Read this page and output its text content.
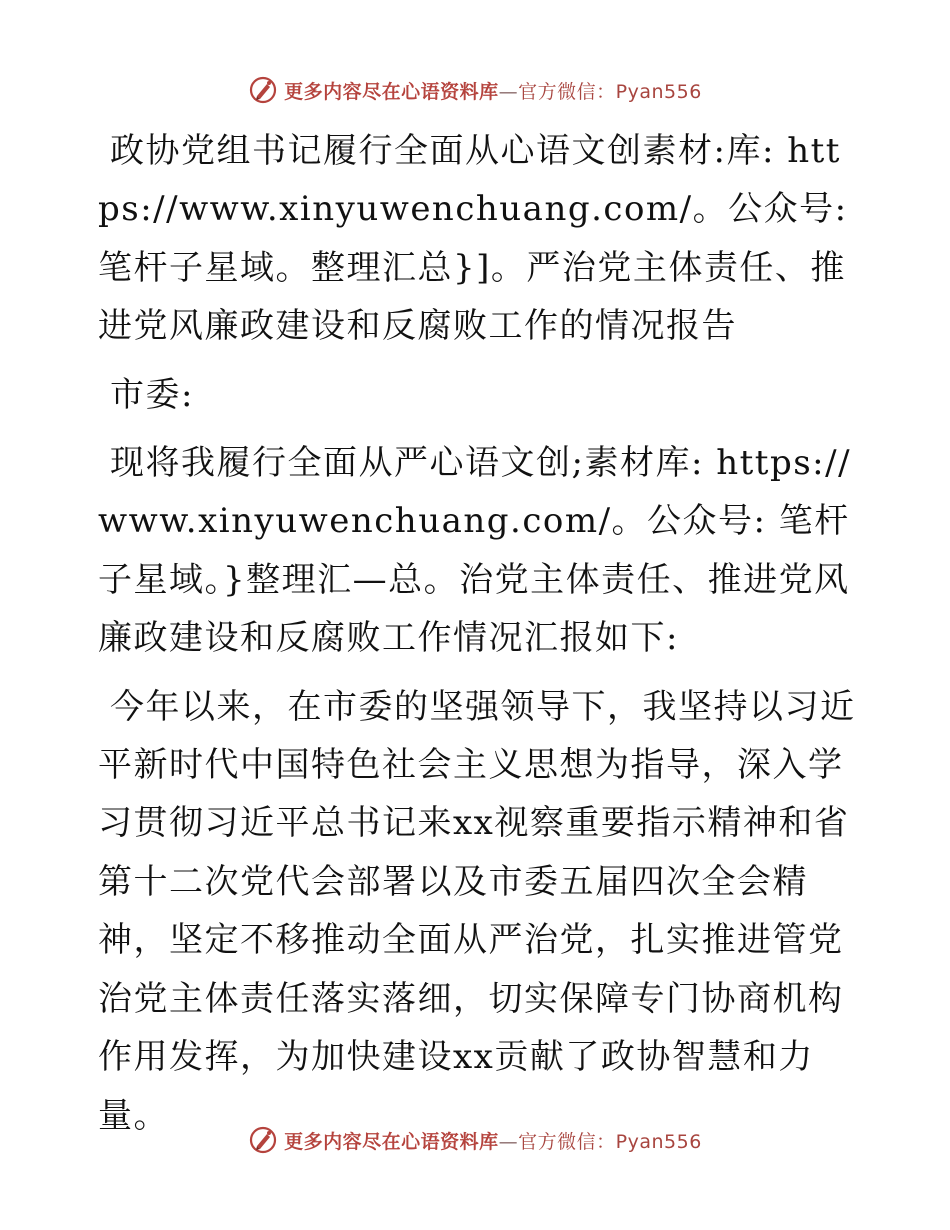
更多内容尽在心语资料库—官方微信：Pyan556

政协党组书记履行全面从心语文创素材:库: https://www.xinyuwenchuang.com/。公众号: 笔杆子星域。整理汇总}]。严治党主体责任、推进党风廉政建设和反腐败工作的情况报告

市委:

现将我履行全面从严心语文创;素材库: https://www.xinyuwenchuang.com/。公众号: 笔杆子星域。}整理汇—总。治党主体责任、推进党风廉政建设和反腐败工作情况汇报如下:

今年以来，在市委的坚强领导下，我坚持以习近平新时代中国特色社会主义思想为指导，深入学习贯彻习近平总书记来xx视察重要指示精神和省第十二次党代会部署以及市委五届四次全会精神，坚定不移推动全面从严治党，扎实推进管党治党主体责任落实落细，切实保障专门协商机构作用发挥，为加快建设xx贡献了政协智慧和力量。

更多内容尽在心语资料库—官方微信：Pyan556
